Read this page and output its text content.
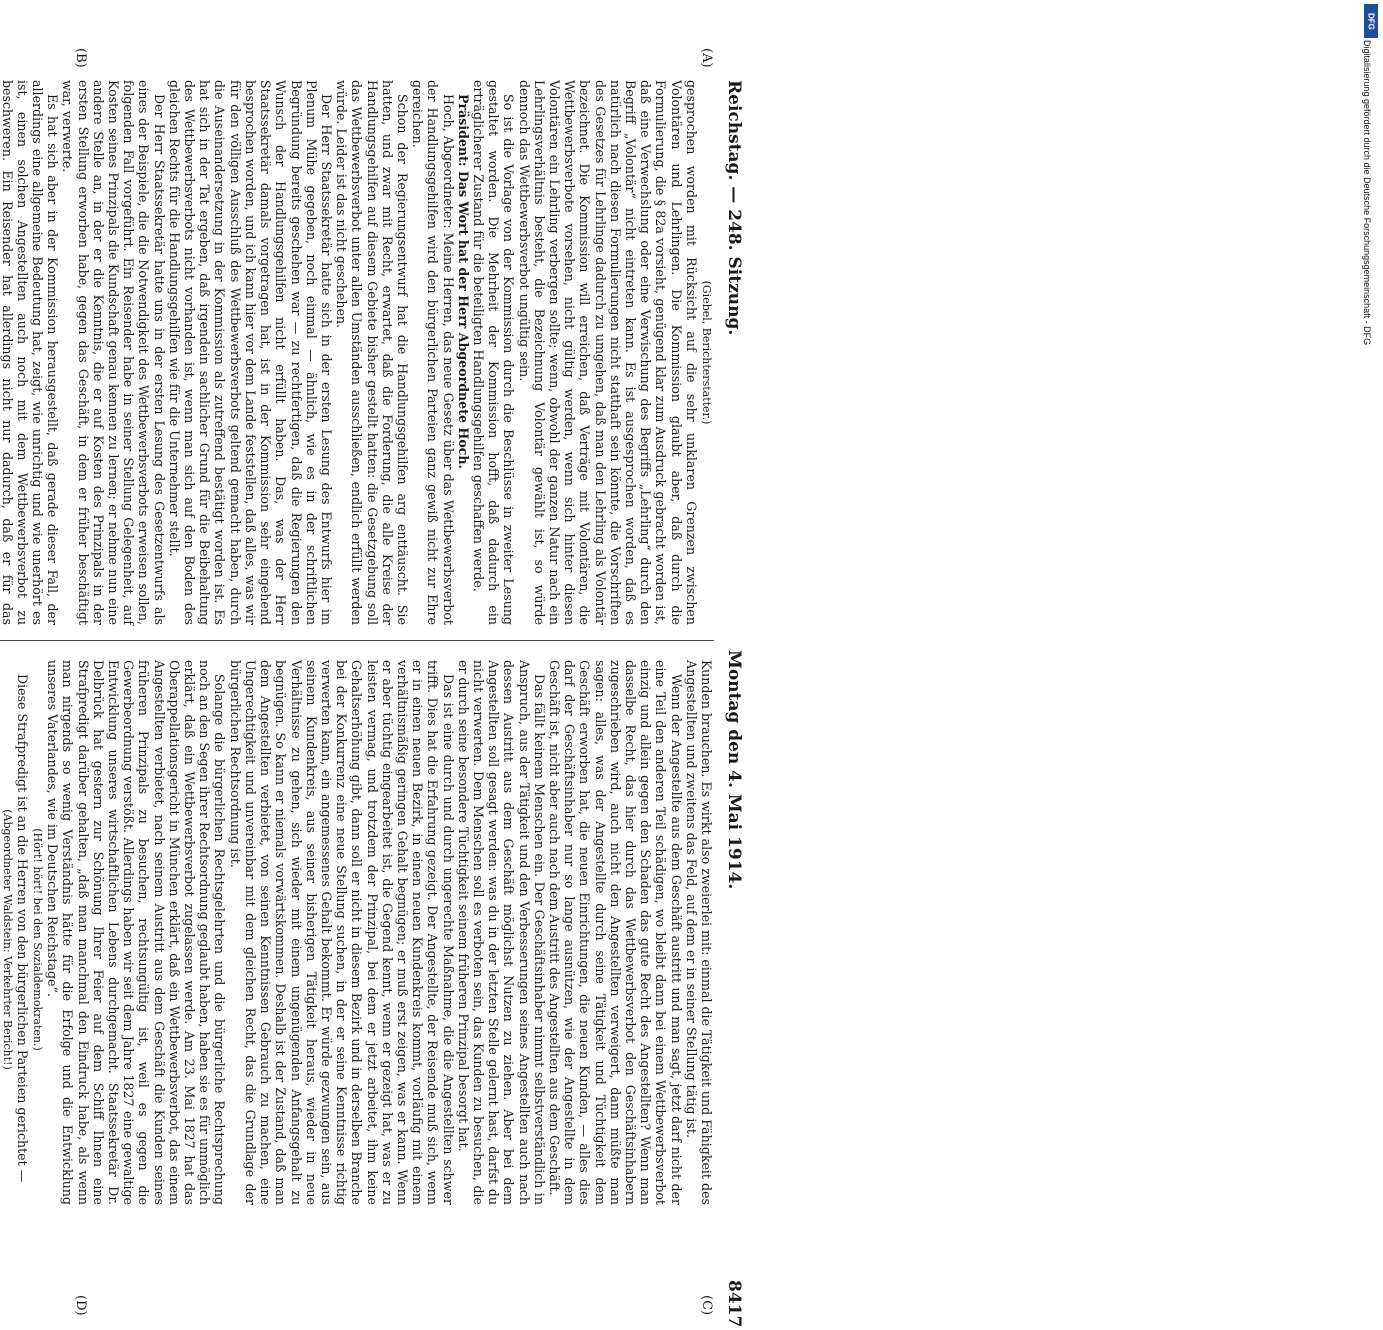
Reichstag. — 248. Sitzung.
Montag den 4. Mai 1914.
8417

(Giebel, Berichterstatter.)

gesprochen worden mit Rücksicht auf die sehr unklaren Grenzen zwischen Volontären und Lehrlingen. Die Kommission glaubt aber, daß durch die Formulierung, die § 82a vorsieht, genügend klar zum Ausdruck gebracht worden ist, daß eine Verwechslung oder eine Verwischung des Begriffs „Lehrling“ durch den Begriff „Volontär“ nicht eintreten kann. Es ist ausgesprochen worden, daß es natürlich nach diesen Formulierungen nicht statthaft sein könnte, die Vorschriften des Gesetzes für Lehrlinge dadurch zu umgehen, daß man den Lehrling als Volontär bezeichnet. Die Kommission will erreichen, daß Verträge mit Volontären, die Wettbewerbsverbote vorsehen, nicht gültig werden, wenn sich hinter diesen Volontären ein Lehrling verbergen sollte; wenn, obwohl der ganzen Natur nach ein Lehrlingsverhältnis besteht, die Bezeichnung Volontär gewählt ist, so würde dennoch das Wettbewerbsverbot ungültig sein.

So ist die Vorlage von der Kommission durch die Beschlüsse in zweiter Lesung gestaltet worden. Die Mehrheit der Kommission hofft, daß dadurch ein erträglicherer Zustand für die beteiligten Handlungsgehilfen geschaffen werde.

Präsident: Das Wort hat der Herr Abgeordnete Hoch.

Hoch, Abgeordneter: Meine Herren, das neue Gesetz über das Wettbewerbsverbot der Handlungsgehilfen wird den bürgerlichen Parteien ganz gewiß nicht zur Ehre gereichen.

Schon der Regierungsentwurf hat die Handlungsgehilfen arg enttäuscht. Sie hatten, und zwar mit Recht, erwartet, daß die Forderung, die alle Kreise der Handlungsgehilfen auf diesem Gebiete bisher gestellt hatten: die Gesetzgebung soll das Wettbewerbsverbot unter allen Umständen ausschließen, endlich erfüllt werden würde. Leider ist das nicht geschehen.

Der Herr Staatssekretär hatte sich in der ersten Lesung des Entwurfs hier im Plenum Mühe gegeben, noch einmal — ähnlich, wie es in der schriftlichen Begründung bereits geschehen war — zu rechtfertigen, daß die Regierungen den Wunsch der Handlungsgehilfen nicht erfüllt haben. Das, was der Herr Staatssekretär damals vorgetragen hat, ist in der Kommission sehr eingehend besprochen worden, und ich kann hier vor dem Lande feststellen, daß alles, was wir für den völligen Ausschluß des Wettbewerbsverbots geltend gemacht haben, durch die Auseinandersetzung in der Kommission als zutreffend bestätigt worden ist. Es hat sich in der Tat ergeben, daß irgendein sachlicher Grund für die Beibehaltung des Wettbewerbsverbots nicht vorhanden ist, wenn man sich auf den Boden des gleichen Rechts für die Handlungsgehilfen wie für die Unternehmer stellt.

Der Herr Staatssekretär hatte uns in der ersten Lesung des Gesetzentwurfs als eines der Beispiele, die die Notwendigkeit des Wettbewerbsverbots erweisen sollen, folgenden Fall vorgeführt. Ein Reisender habe in seiner Stellung Gelegenheit, auf Kosten seines Prinzipals die Kundschaft genau kennen zu lernen; er nehme nun eine andere Stelle an, in der er die Kenntnis, die er auf Kosten des Prinzipals in der ersten Stellung erworben habe, gegen das Geschäft, in dem er früher beschäftigt war, verwerte.

Es hat sich aber in der Kommission herausgestellt, daß gerade dieser Fall, der allerdings eine allgemeine Bedeutung hat, zeigt, wie unrichtig und wie unerhört es ist, einen solchen Angestellten auch noch mit dem Wettbewerbsverbot zu beschweren. Ein Reisender hat allerdings nicht nur dadurch, daß er für das

Kunden brauchen. Es wirkt also zweierlei mit: einmal die Tätigkeit und Fähigkeit des Angestellten und zweitens das Feld, auf dem er in seiner Stellung tätig ist.

Wenn der Angestellte aus dem Geschäft austritt und man sagt, jetzt darf nicht der eine Teil den anderen Teil schädigen, wo bleibt dann bei einem Wettbewerbsverbot einzig und allein gegen den Schaden das gute Recht des Angestellten? Wenn man dasselbe Recht, das hier durch das Wettbewerbsverbot den Geschäftsinhabern zugeschrieben wird, auch nicht den Angestellten verweigert, dann müßte man sagen: alles, was der Angestellte durch seine Tätigkeit und Tüchtigkeit dem Geschäft erworben hat, die neuen Einrichtungen, die neuen Kunden, — alles dies darf der Geschäftsinhaber nur so lange ausnützen, wie der Angestellte in dem Geschäft ist, nicht aber auch nach dem Austritt des Angestellten aus dem Geschäft.

Das fällt keinem Menschen ein. Der Geschäftsinhaber nimmt selbstverständlich in Anspruch, aus der Tätigkeit und den Verbesserungen seines Angestellten auch nach dessen Austritt aus dem Geschäft möglichst Nutzen zu ziehen. Aber bei dem Angestellten soll gesagt werden: was du in der letzten Stelle gelernt hast, darfst du nicht verwerten. Dem Menschen soll es verboten sein, das Kunden zu besuchen, die er durch seine besondere Tüchtigkeit seinem früheren Prinzipal besorgt hat.

Das ist eine durch und durch ungerechte Maßnahme, die die Angestellten schwer trifft. Dies hat die Erfahrung gezeigt. Der Angestellte, der Reisende muß sich, wenn er in einen neuen Bezirk, in einen neuen Kundenkreis kommt, vorläufig mit einem verhältnismäßig geringen Gehalt begnügen; er muß erst zeigen, was er kann. Wenn er aber tüchtig eingearbeitet ist, die Gegend kennt, wenn er gezeigt hat, was er zu leisten vermag, und trotzdem der Prinzipal, bei dem er jetzt arbeitet, ihm keine Gehaltserhöhung gibt, dann soll er nicht in diesem Bezirk und in derselben Branche bei der Konkurrenz eine neue Stellung suchen, in der er seine Kenntnisse richtig verwerten kann, ein angemessenes Gehalt bekommt. Er würde gezwungen sein, aus seinem Kundenkreis, aus seiner bisherigen Tätigkeit heraus, wieder in neue Verhältnisse zu gehen, sich wieder mit einem ungenügenden Anfangsgehalt zu begnügen. So kann er niemals vorwärtskommen. Deshalb ist der Zustand, daß man dem Angestellten verbietet, von seinen Kenntnissen Gebrauch zu machen, eine Ungerechtigkeit und unvereinbar mit dem gleichen Recht, das die Grundlage der bürgerlichen Rechtsordnung ist.

Solange die bürgerlichen Rechtsgelehrten und die bürgerliche Rechtsprechung noch an den Segen ihrer Rechtsordnung geglaubt haben, haben sie es für unmöglich erklärt, daß ein Wettbewerbsverbot zugelassen werde. Am 23. Mai 1827 hat das Oberappellationsgericht in München erklärt, daß ein Wettbewerbsverbot, das einem Angestellten verbietet, nach seinem Austritt aus dem Geschäft die Kunden seines früheren Prinzipals zu besuchen, rechtsungültig ist, weil es gegen die Gewerbeordnung verstößt. Allerdings haben wir seit dem Jahre 1827 eine gewaltige Entwicklung unseres wirtschaftlichen Lebens durchgemacht. Staatssekretär Dr. Delbrück hat gestern zur Schönung Ihrer Feier auf dem Schiff Ihnen eine Strafpredigt darüber gehalten, „daß man manchmal den Eindruck habe, als wenn man nirgends so wenig Verständnis hätte für die Erfolge und die Entwicklung unseres Vaterlandes, wie im Deutschen Reichstage“.

(Hört! hört! bei den Sozialdemokraten.)

Diese Strafpredigt ist an die Herren von den bürgerlichen Parteien gerichtet —

(Abgeordneter Waldstein: Verkehrter Bericht!)

(A)
(B)
(C)
(D)
DFG
Digitalisierung gefördert durch die Deutsche Forschungsgemeinschaft - DFG
